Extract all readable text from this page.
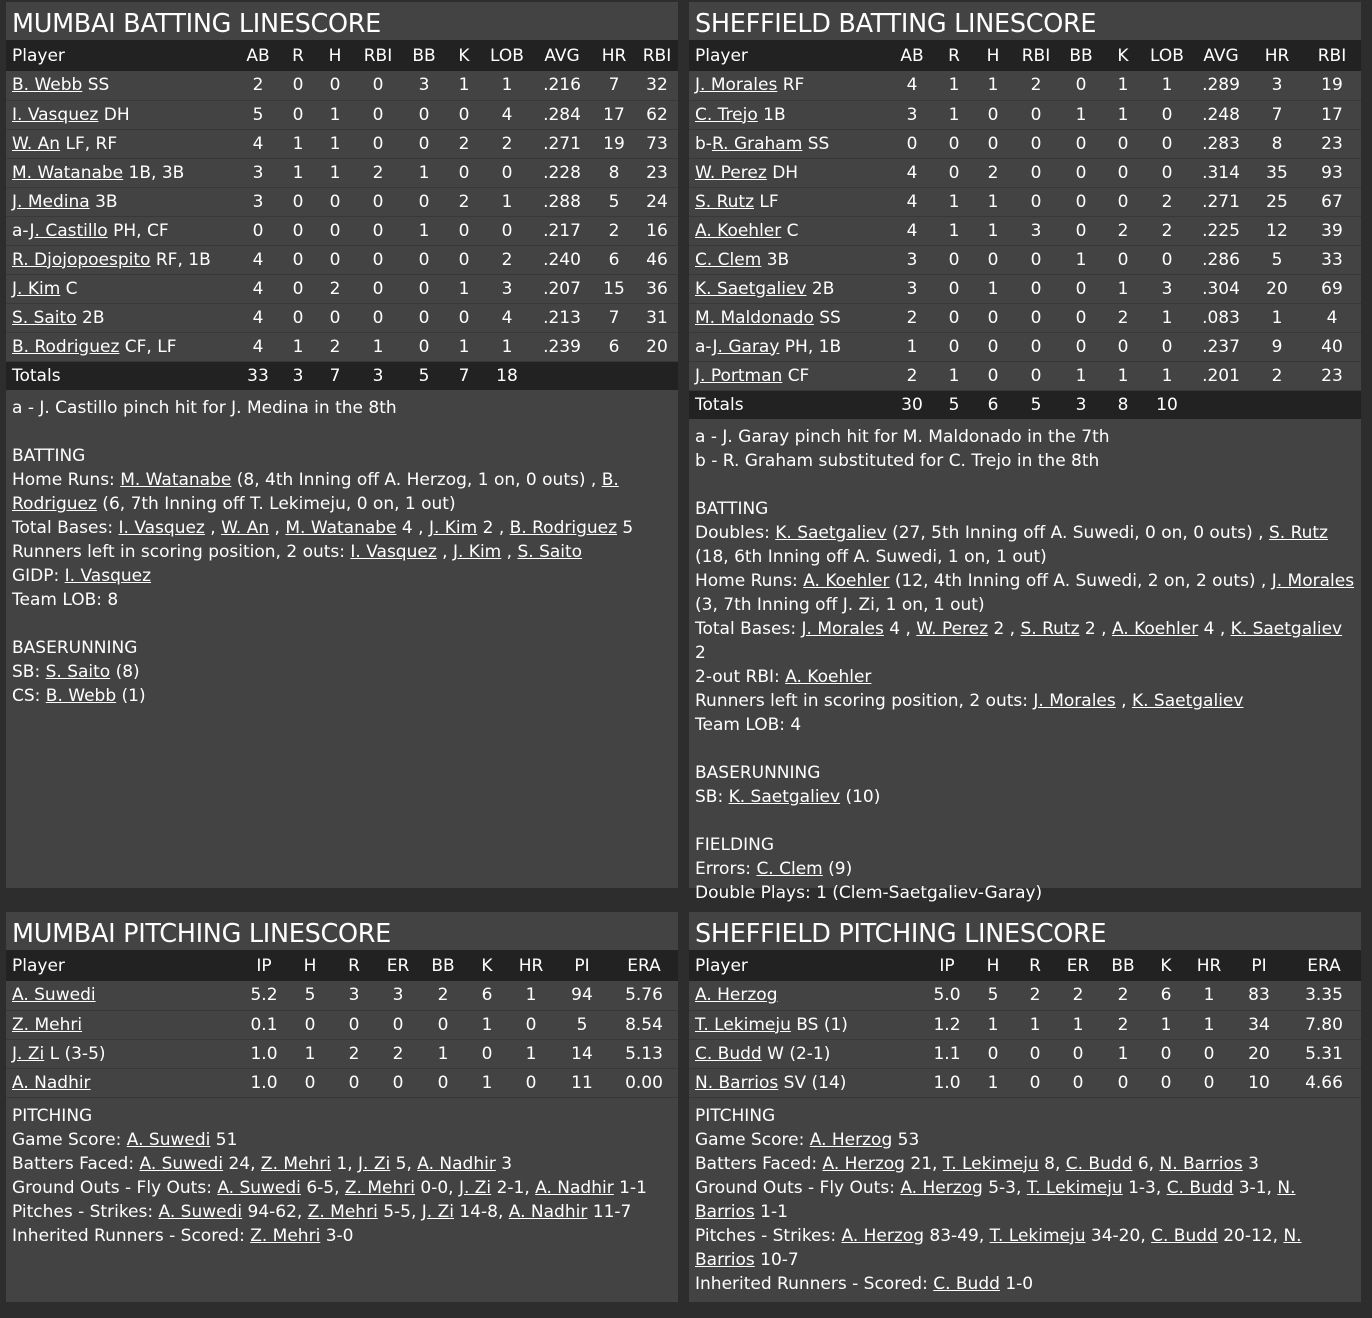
MUMBAI BATTING LINESCORE
Player	AB	R	H	RBI	BB	K	LOB	AVG	HR	RBI
B. Webb SS	2	0	0	0	3	1	1	.216	7	32
I. Vasquez DH	5	0	1	0	0	0	4	.284	17	62
W. An LF, RF	4	1	1	0	0	2	2	.271	19	73
M. Watanabe 1B, 3B	3	1	1	2	1	0	0	.228	8	23
J. Medina 3B	3	0	0	0	0	2	1	.288	5	24
a-J. Castillo PH, CF	0	0	0	0	1	0	0	.217	2	16
R. Djojopoespito RF, 1B	4	0	0	0	0	0	2	.240	6	46
J. Kim C	4	0	2	0	0	1	3	.207	15	36
S. Saito 2B	4	0	0	0	0	0	4	.213	7	31
B. Rodriguez CF, LF	4	1	2	1	0	1	1	.239	6	20
Totals	33	3	7	3	5	7	18			

a - J. Castillo pinch hit for J. Medina in the 8th

BATTING

Home Runs: M. Watanabe (8, 4th Inning off A. Herzog, 1 on, 0 outs) , B. Rodriguez (6, 7th Inning off T. Lekimeju, 0 on, 1 out)

Total Bases: I. Vasquez , W. An , M. Watanabe 4 , J. Kim 2 , B. Rodriguez 5

Runners left in scoring position, 2 outs: I. Vasquez , J. Kim , S. Saito

GIDP: I. Vasquez

Team LOB: 8

BASERUNNING

SB: S. Saito (8)

CS: B. Webb (1)

SHEFFIELD BATTING LINESCORE
Player	AB	R	H	RBI	BB	K	LOB	AVG	HR	RBI
J. Morales RF	4	1	1	2	0	1	1	.289	3	19
C. Trejo 1B	3	1	0	0	1	1	0	.248	7	17
b-R. Graham SS	0	0	0	0	0	0	0	.283	8	23
W. Perez DH	4	0	2	0	0	0	0	.314	35	93
S. Rutz LF	4	1	1	0	0	0	2	.271	25	67
A. Koehler C	4	1	1	3	0	2	2	.225	12	39
C. Clem 3B	3	0	0	0	1	0	0	.286	5	33
K. Saetgaliev 2B	3	0	1	0	0	1	3	.304	20	69
M. Maldonado SS	2	0	0	0	0	2	1	.083	1	4
a-J. Garay PH, 1B	1	0	0	0	0	0	0	.237	9	40
J. Portman CF	2	1	0	0	1	1	1	.201	2	23
Totals	30	5	6	5	3	8	10			

a - J. Garay pinch hit for M. Maldonado in the 7th

b - R. Graham substituted for C. Trejo in the 8th

BATTING

Doubles: K. Saetgaliev (27, 5th Inning off A. Suwedi, 0 on, 0 outs) , S. Rutz (18, 6th Inning off A. Suwedi, 1 on, 1 out)

Home Runs: A. Koehler (12, 4th Inning off A. Suwedi, 2 on, 2 outs) , J. Morales (3, 7th Inning off J. Zi, 1 on, 1 out)

Total Bases: J. Morales 4 , W. Perez 2 , S. Rutz 2 , A. Koehler 4 , K. Saetgaliev 2

2-out RBI: A. Koehler

Runners left in scoring position, 2 outs: J. Morales , K. Saetgaliev

Team LOB: 4

BASERUNNING

SB: K. Saetgaliev (10)

FIELDING

Errors: C. Clem (9)

Double Plays: 1 (Clem-Saetgaliev-Garay)

MUMBAI PITCHING LINESCORE
Player	IP	H	R	ER	BB	K	HR	PI	ERA
A. Suwedi	5.2	5	3	3	2	6	1	94	5.76
Z. Mehri	0.1	0	0	0	0	1	0	5	8.54
J. Zi L (3-5)	1.0	1	2	2	1	0	1	14	5.13
A. Nadhir	1.0	0	0	0	0	1	0	11	0.00

PITCHING

Game Score: A. Suwedi 51

Batters Faced: A. Suwedi 24, Z. Mehri 1, J. Zi 5, A. Nadhir 3

Ground Outs - Fly Outs: A. Suwedi 6-5, Z. Mehri 0-0, J. Zi 2-1, A. Nadhir 1-1

Pitches - Strikes: A. Suwedi 94-62, Z. Mehri 5-5, J. Zi 14-8, A. Nadhir 11-7

Inherited Runners - Scored: Z. Mehri 3-0

SHEFFIELD PITCHING LINESCORE
Player	IP	H	R	ER	BB	K	HR	PI	ERA
A. Herzog	5.0	5	2	2	2	6	1	83	3.35
T. Lekimeju BS (1)	1.2	1	1	1	2	1	1	34	7.80
C. Budd W (2-1)	1.1	0	0	0	1	0	0	20	5.31
N. Barrios SV (14)	1.0	1	0	0	0	0	0	10	4.66

PITCHING

Game Score: A. Herzog 53

Batters Faced: A. Herzog 21, T. Lekimeju 8, C. Budd 6, N. Barrios 3

Ground Outs - Fly Outs: A. Herzog 5-3, T. Lekimeju 1-3, C. Budd 3-1, N. Barrios 1-1

Pitches - Strikes: A. Herzog 83-49, T. Lekimeju 34-20, C. Budd 20-12, N. Barrios 10-7

Inherited Runners - Scored: C. Budd 1-0
